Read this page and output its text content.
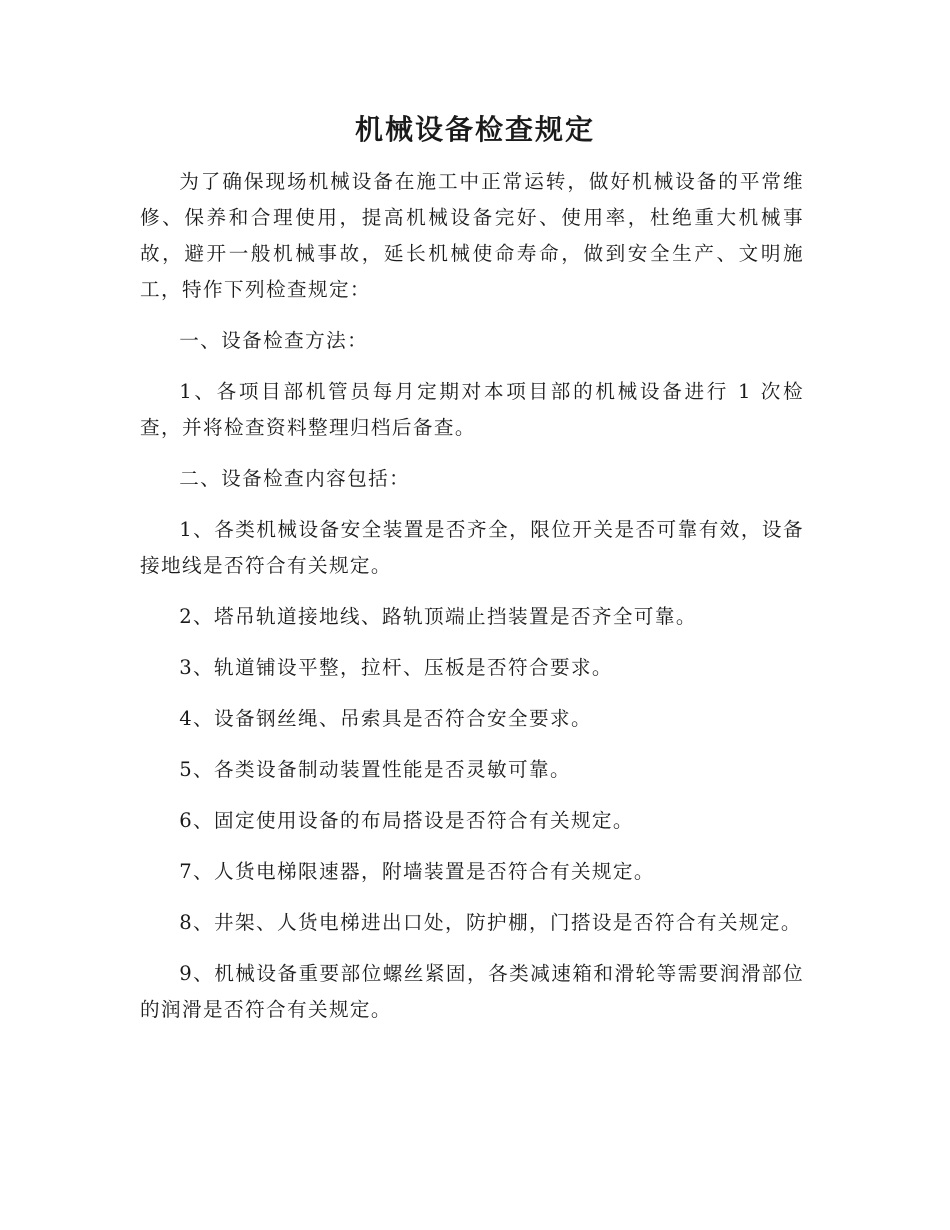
机械设备检查规定

为了确保现场机械设备在施工中正常运转，做好机械设备的平常维修、保养和合理使用，提高机械设备完好、使用率，杜绝重大机械事故，避开一般机械事故，延长机械使命寿命，做到安全生产、文明施工，特作下列检查规定：

一、设备检查方法：

1、各项目部机管员每月定期对本项目部的机械设备进行 1 次检查，并将检查资料整理归档后备查。

二、设备检查内容包括：

1、各类机械设备安全装置是否齐全，限位开关是否可靠有效，设备接地线是否符合有关规定。

2、塔吊轨道接地线、路轨顶端止挡装置是否齐全可靠。

3、轨道铺设平整，拉杆、压板是否符合要求。

4、设备钢丝绳、吊索具是否符合安全要求。

5、各类设备制动装置性能是否灵敏可靠。

6、固定使用设备的布局搭设是否符合有关规定。

7、人货电梯限速器，附墙装置是否符合有关规定。

8、井架、人货电梯进出口处，防护棚，门搭设是否符合有关规定。

9、机械设备重要部位螺丝紧固，各类减速箱和滑轮等需要润滑部位的润滑是否符合有关规定。
